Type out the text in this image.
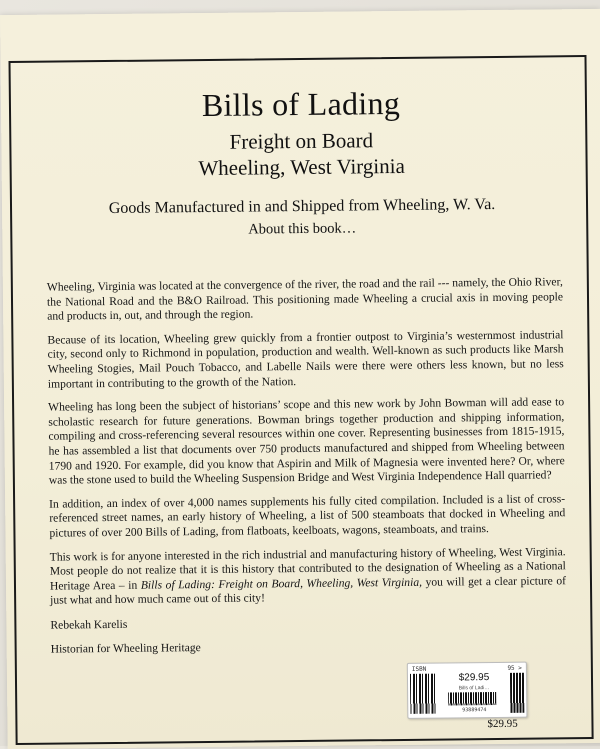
Bills of Lading
Freight on Board
Wheeling, West Virginia
Goods Manufactured in and Shipped from Wheeling, W. Va.
About this book…

Wheeling, Virginia was located at the convergence of the river, the road and the rail --- namely, the Ohio River, the National Road and the B&O Railroad. This positioning made Wheeling a crucial axis in moving people and products in, out, and through the region.

Because of its location, Wheeling grew quickly from a frontier outpost to Virginia’s westernmost industrial city, second only to Richmond in population, production and wealth. Well-known as such products like Marsh Wheeling Stogies, Mail Pouch Tobacco, and Labelle Nails were there were others less known, but no less important in contributing to the growth of the Nation.

Wheeling has long been the subject of historians’ scope and this new work by John Bowman will add ease to scholastic research for future generations. Bowman brings together production and shipping information, compiling and cross-referencing several resources within one cover. Representing businesses from 1815-1915, he has assembled a list that documents over 750 products manufactured and shipped from Wheeling between 1790 and 1920. For example, did you know that Aspirin and Milk of Magnesia were invented here? Or, where was the stone used to build the Wheeling Suspension Bridge and West Virginia Independence Hall quarried?

In addition, an index of over 4,000 names supplements his fully cited compilation. Included is a list of cross-referenced street names, an early history of Wheeling, a list of 500 steamboats that docked in Wheeling and pictures of over 200 Bills of Lading, from flatboats, keelboats, wagons, steamboats, and trains.

This work is for anyone interested in the rich industrial and manufacturing history of Wheeling, West Virginia. Most people do not realize that it is this history that contributed to the designation of Wheeling as a National Heritage Area – in Bills of Lading: Freight on Board, Wheeling, West Virginia, you will get a clear picture of just what and how much came out of this city!

Rebekah Karelis

Historian for Wheeling Heritage

ISBN	95 >
$29.95
Bills of Ladi…
93889474
$29.95
